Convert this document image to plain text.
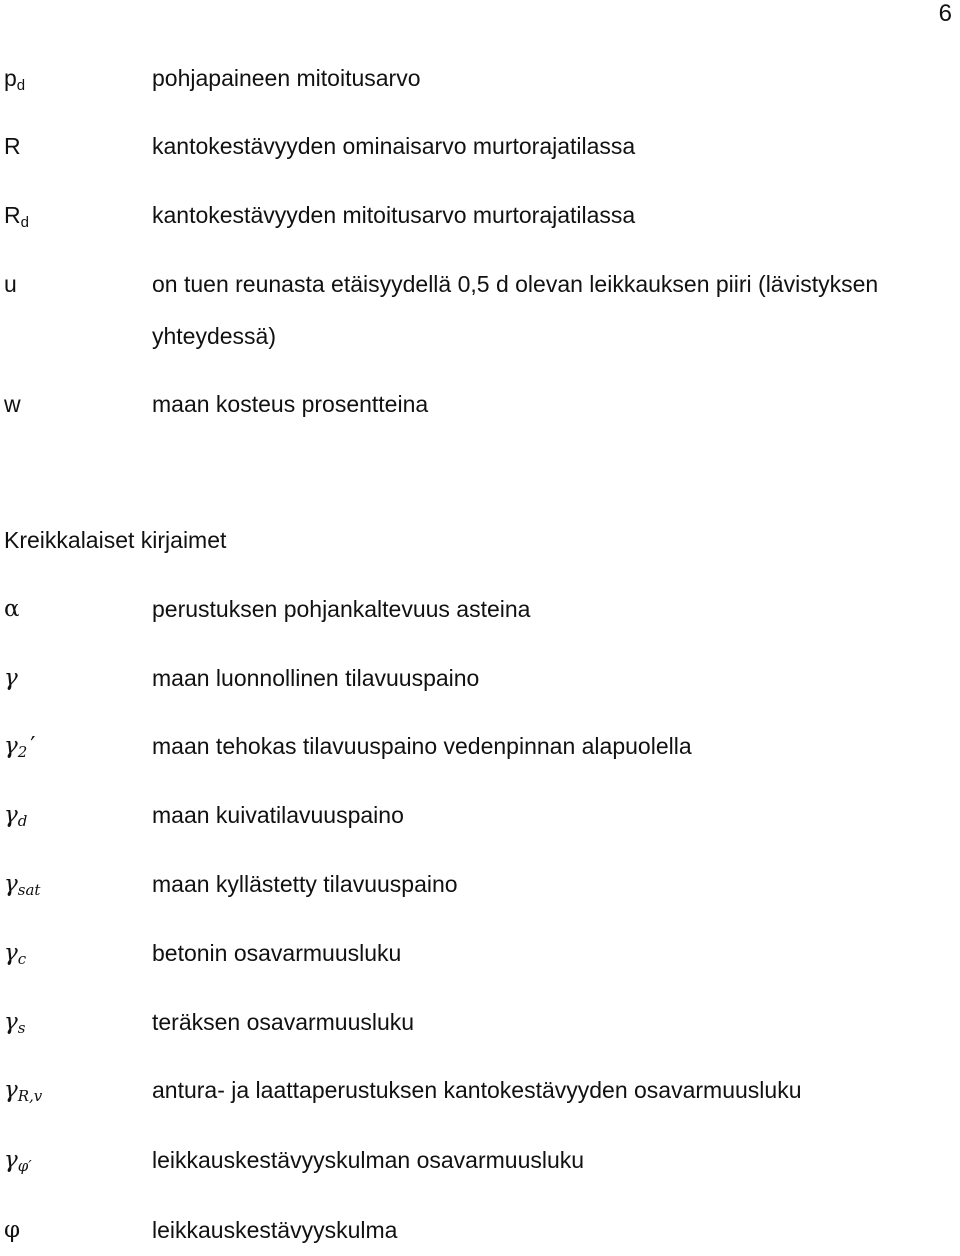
6
$p_d$	pohjapaineen mitoitusarvo
R	kantokestävyyden ominaisarvo murtorajatilassa
$R_d$	kantokestävyyden mitoitusarvo murtorajatilassa
u	on tuen reunasta etäisyydellä 0,5 d olevan leikkauksen piiri (lävistyksen yhteydessä)
w	maan kosteus prosentteina
Kreikkalaiset kirjaimet
α	perustuksen pohjankaltevuus asteina
γ	maan luonnollinen tilavuuspaino
$\gamma_2$ ′	maan tehokas tilavuuspaino vedenpinnan alapuolella
$\gamma_d$	maan kuivatilavuuspaino
$\gamma_{sat}$	maan kyllästetty tilavuuspaino
$\gamma_c$	betonin osavarmuusluku
$\gamma_s$	teräksen osavarmuusluku
$\gamma_{R,v}$	antura- ja laattaperustuksen kantokestävyyden osavarmuusluku
$\gamma_{\varphi'}$	leikkauskestävyyskulman osavarmuusluku
φ	leikkauskestävyyskulma
